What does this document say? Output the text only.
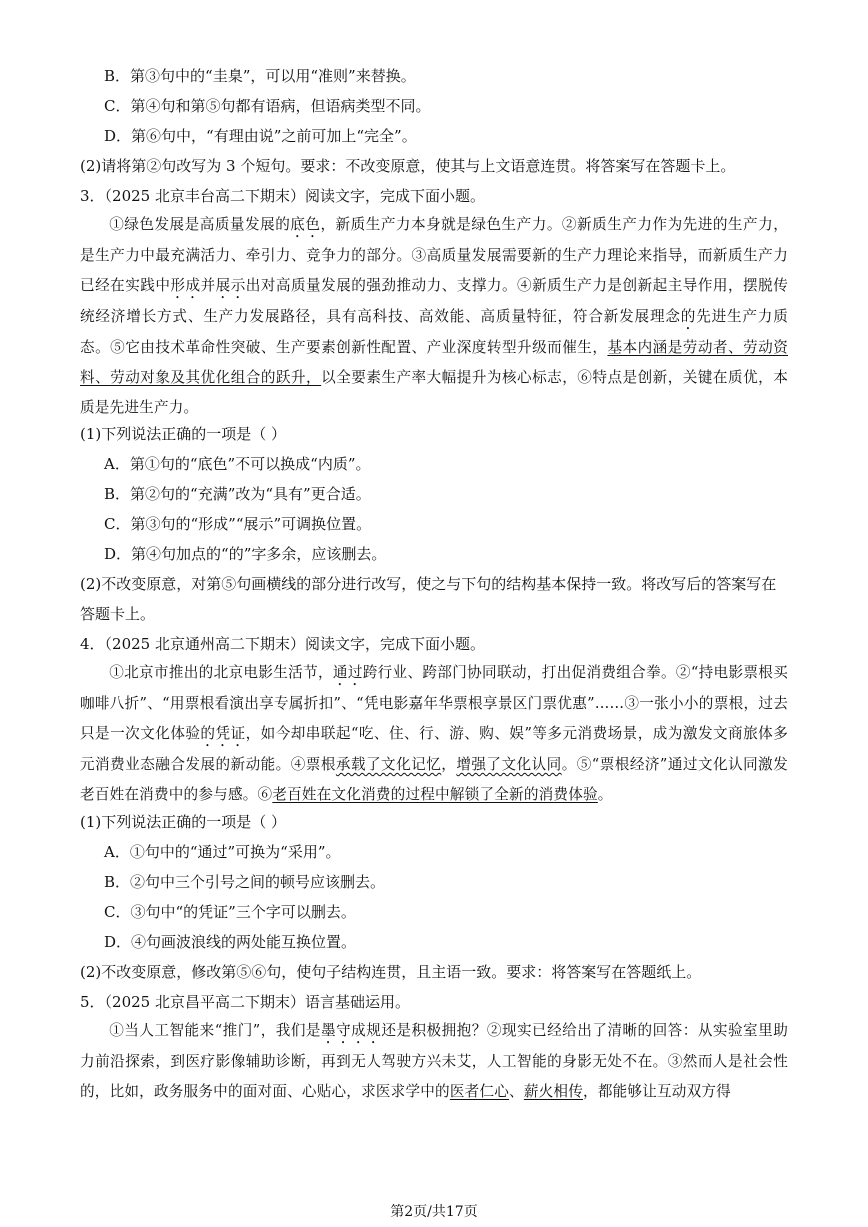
B．第③句中的“圭臬”，可以用“准则”来替换。
C．第④句和第⑤句都有语病，但语病类型不同。
D．第⑥句中，“有理由说”之前可加上“完全”。
(2)请将第②句改写为 3 个短句。要求：不改变原意，使其与上文语意连贯。将答案写在答题卡上。
3．（2025 北京丰台高二下期末）阅读文字，完成下面小题。

①绿色发展是高质量发展的底色，新质生产力本身就是绿色生产力。②新质生产力作为先进的生产力，是生产力中最充满活力、牵引力、竞争力的部分。③高质量发展需要新的生产力理论来指导，而新质生产力已经在实践中形成并展示出对高质量发展的强劲推动力、支撑力。④新质生产力是创新起主导作用，摆脱传统经济增长方式、生产力发展路径，具有高科技、高效能、高质量特征，符合新发展理念的先进生产力质态。⑤它由技术革命性突破、生产要素创新性配置、产业深度转型升级而催生，基本内涵是劳动者、劳动资料、劳动对象及其优化组合的跃升，以全要素生产率大幅提升为核心标志，⑥特点是创新，关键在质优，本质是先进生产力。

(1)下列说法正确的一项是（ ）
A．第①句的“底色”不可以换成“内质”。
B．第②句的“充满”改为“具有”更合适。
C．第③句的“形成”“展示”可调换位置。
D．第④句加点的“的”字多余，应该删去。
(2)不改变原意，对第⑤句画横线的部分进行改写，使之与下句的结构基本保持一致。将改写后的答案写在
答题卡上。
4．（2025 北京通州高二下期末）阅读文字，完成下面小题。

①北京市推出的北京电影生活节，通过跨行业、跨部门协同联动，打出促消费组合拳。②“持电影票根买咖啡八折”、“用票根看演出享专属折扣”、“凭电影嘉年华票根享景区门票优惠”……③一张小小的票根，过去只是一次文化体验的凭证，如今却串联起“吃、住、行、游、购、娱”等多元消费场景，成为激发文商旅体多元消费业态融合发展的新动能。④票根承载了文化记忆，增强了文化认同。⑤“票根经济”通过文化认同激发老百姓在消费中的参与感。⑥老百姓在文化消费的过程中解锁了全新的消费体验。

(1)下列说法正确的一项是（ ）
A．①句中的“通过”可换为“采用”。
B．②句中三个引号之间的顿号应该删去。
C．③句中“的凭证”三个字可以删去。
D．④句画波浪线的两处能互换位置。
(2)不改变原意，修改第⑤⑥句，使句子结构连贯，且主语一致。要求：将答案写在答题纸上。
5．（2025 北京昌平高二下期末）语言基础运用。

①当人工智能来“推门”，我们是墨守成规还是积极拥抱？②现实已经给出了清晰的回答：从实验室里助力前沿探索，到医疗影像辅助诊断，再到无人驾驶方兴未艾，人工智能的身影无处不在。③然而人是社会性的，比如，政务服务中的面对面、心贴心，求医求学中的医者仁心、薪火相传，都能够让互动双方得

第2页/共17页
